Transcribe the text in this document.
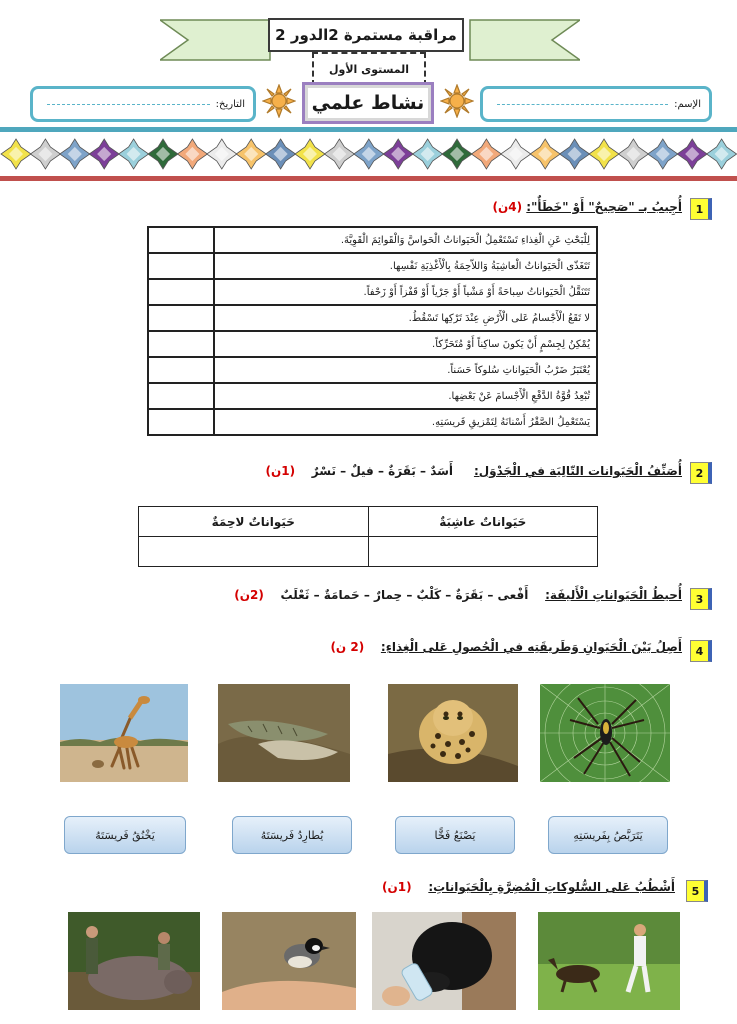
مراقبة مستمرة 2الدور 2
المستوى الأول
الإسم:
التاريخ:	نشاط علمي
1
أُجِيبُ بـ "صَحِيحٌ" أَوْ "خَطَأٌ": (4ن)
لِلْبَحْثِ عَنِ الْغِذاءِ تَسْتَعْمِلُ الْحَيَواناتُ الْحَواسَّ وَالْقَوائِمَ الْقَوِيَّةَ.	
تَتَغَذّى الْحَيَواناتُ الْعاشِبَةُ وَاللاّحِمَةُ بِالْأَغْذِيَةِ نَفْسِها.	
تَتَنَقَّلُ الْحَيَواناتُ سِباحَةً أَوْ مَشْياً أَوْ جَرْياً أَوْ قَفْزاً أَوْ زَحْفاً.	
لا تَقَعُ الْأَجْسامُ عَلى الْأَرْضِ عِنْدَ تَرْكِها تَسْقُطُ.	
يُمْكِنُ لِجِسْمٍ أَنْ يَكونَ ساكِناً أَوْ مُتَحَرِّكاً.	
يُعْتَبَرُ ضَرْبُ الْحَيَواناتِ سُلوكاً حَسَناً.	
تُبْعِدُ قُوَّةُ الدَّفْعِ الْأَجْسامَ عَنْ بَعْضِها.	
يَسْتَعْمِلُ الصَّقْرُ أَسْنانَهُ لِتَمْزيقِ فَريسَتِهِ.	
2
أُصَنِّفُ الْحَيَوانات التّالِيَة في الْجَدْوَل:     أَسَدٌ – بَقَرَةٌ – فيلٌ – نَسْرٌ    (1ن)
حَيَواناتٌ عاشِبَةٌ	حَيَواناتٌ لاحِمَةٌ

3
أُحيطُ الْحَيَواناتِ الْأَليفَة:    أَفْعى – بَقَرَةٌ – كَلْبٌ – حِمارٌ – حَمامَةٌ – ثَعْلَبٌ    (2ن)
4
أَصِلُ بَيْنَ الْحَيَوانِ وَطَريقَتِه في الْحُصولِ عَلى الْغِذاءِ:    (2 ن)
يَتَرَبَّصُ بِفَريسَتِهِ
يَصْنَعُ فَخًّا
يُطارِدُ فَريسَتَهُ
يَخْنُقُ فَريسَتَهُ
5
أَشْطُبُ عَلى السُّلوكاتِ الْمُضِرَّةِ بِالْحَيَواناتِ:    (1ن)
